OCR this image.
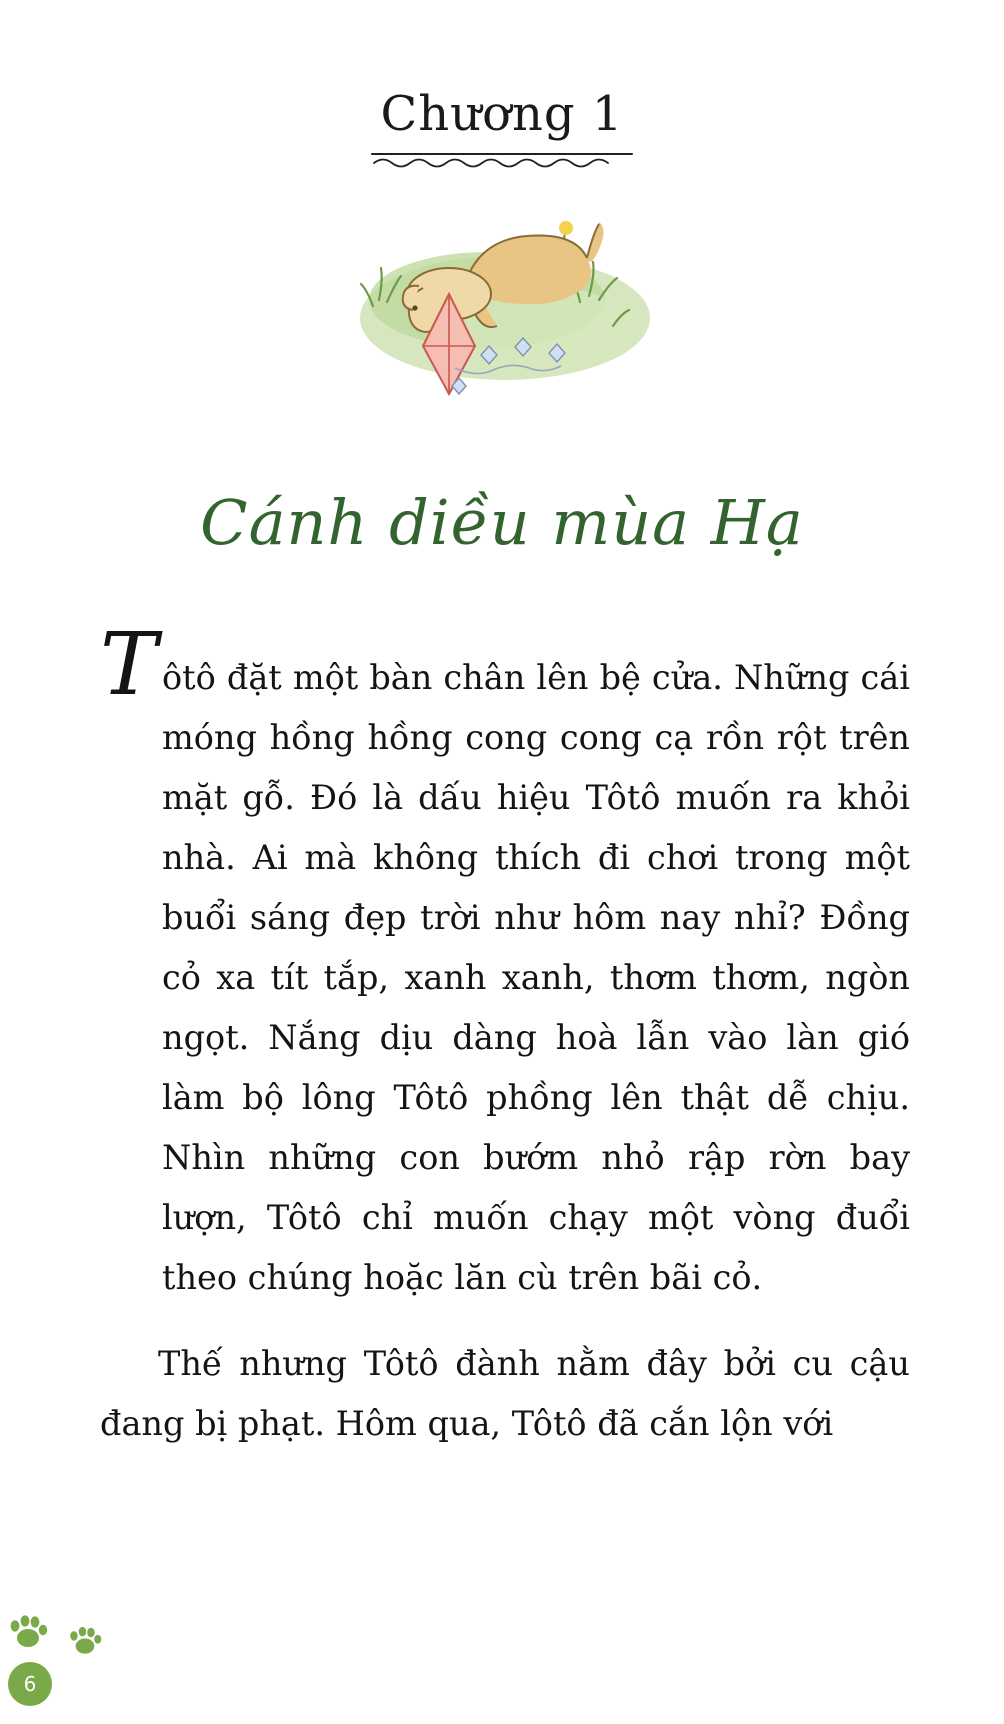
Chương 1
Cánh diều mùa Hạ

T ôtô đặt một bàn chân lên bệ cửa. Những cái móng hồng hồng cong cong cạ rồn rột trên mặt gỗ. Đó là dấu hiệu Tôtô muốn ra khỏi nhà. Ai mà không thích đi chơi trong một buổi sáng đẹp trời như hôm nay nhỉ? Đồng cỏ xa tít tắp, xanh xanh, thơm thơm, ngòn ngọt. Nắng dịu dàng hoà lẫn vào làn gió làm bộ lông Tôtô phồng lên thật dễ chịu. Nhìn những con bướm nhỏ rập rờn bay lượn, Tôtô chỉ muốn chạy một vòng đuổi theo chúng hoặc lăn cù trên bãi cỏ.

Thế nhưng Tôtô đành nằm đây bởi cu cậu đang bị phạt. Hôm qua, Tôtô đã cắn lộn với

6
